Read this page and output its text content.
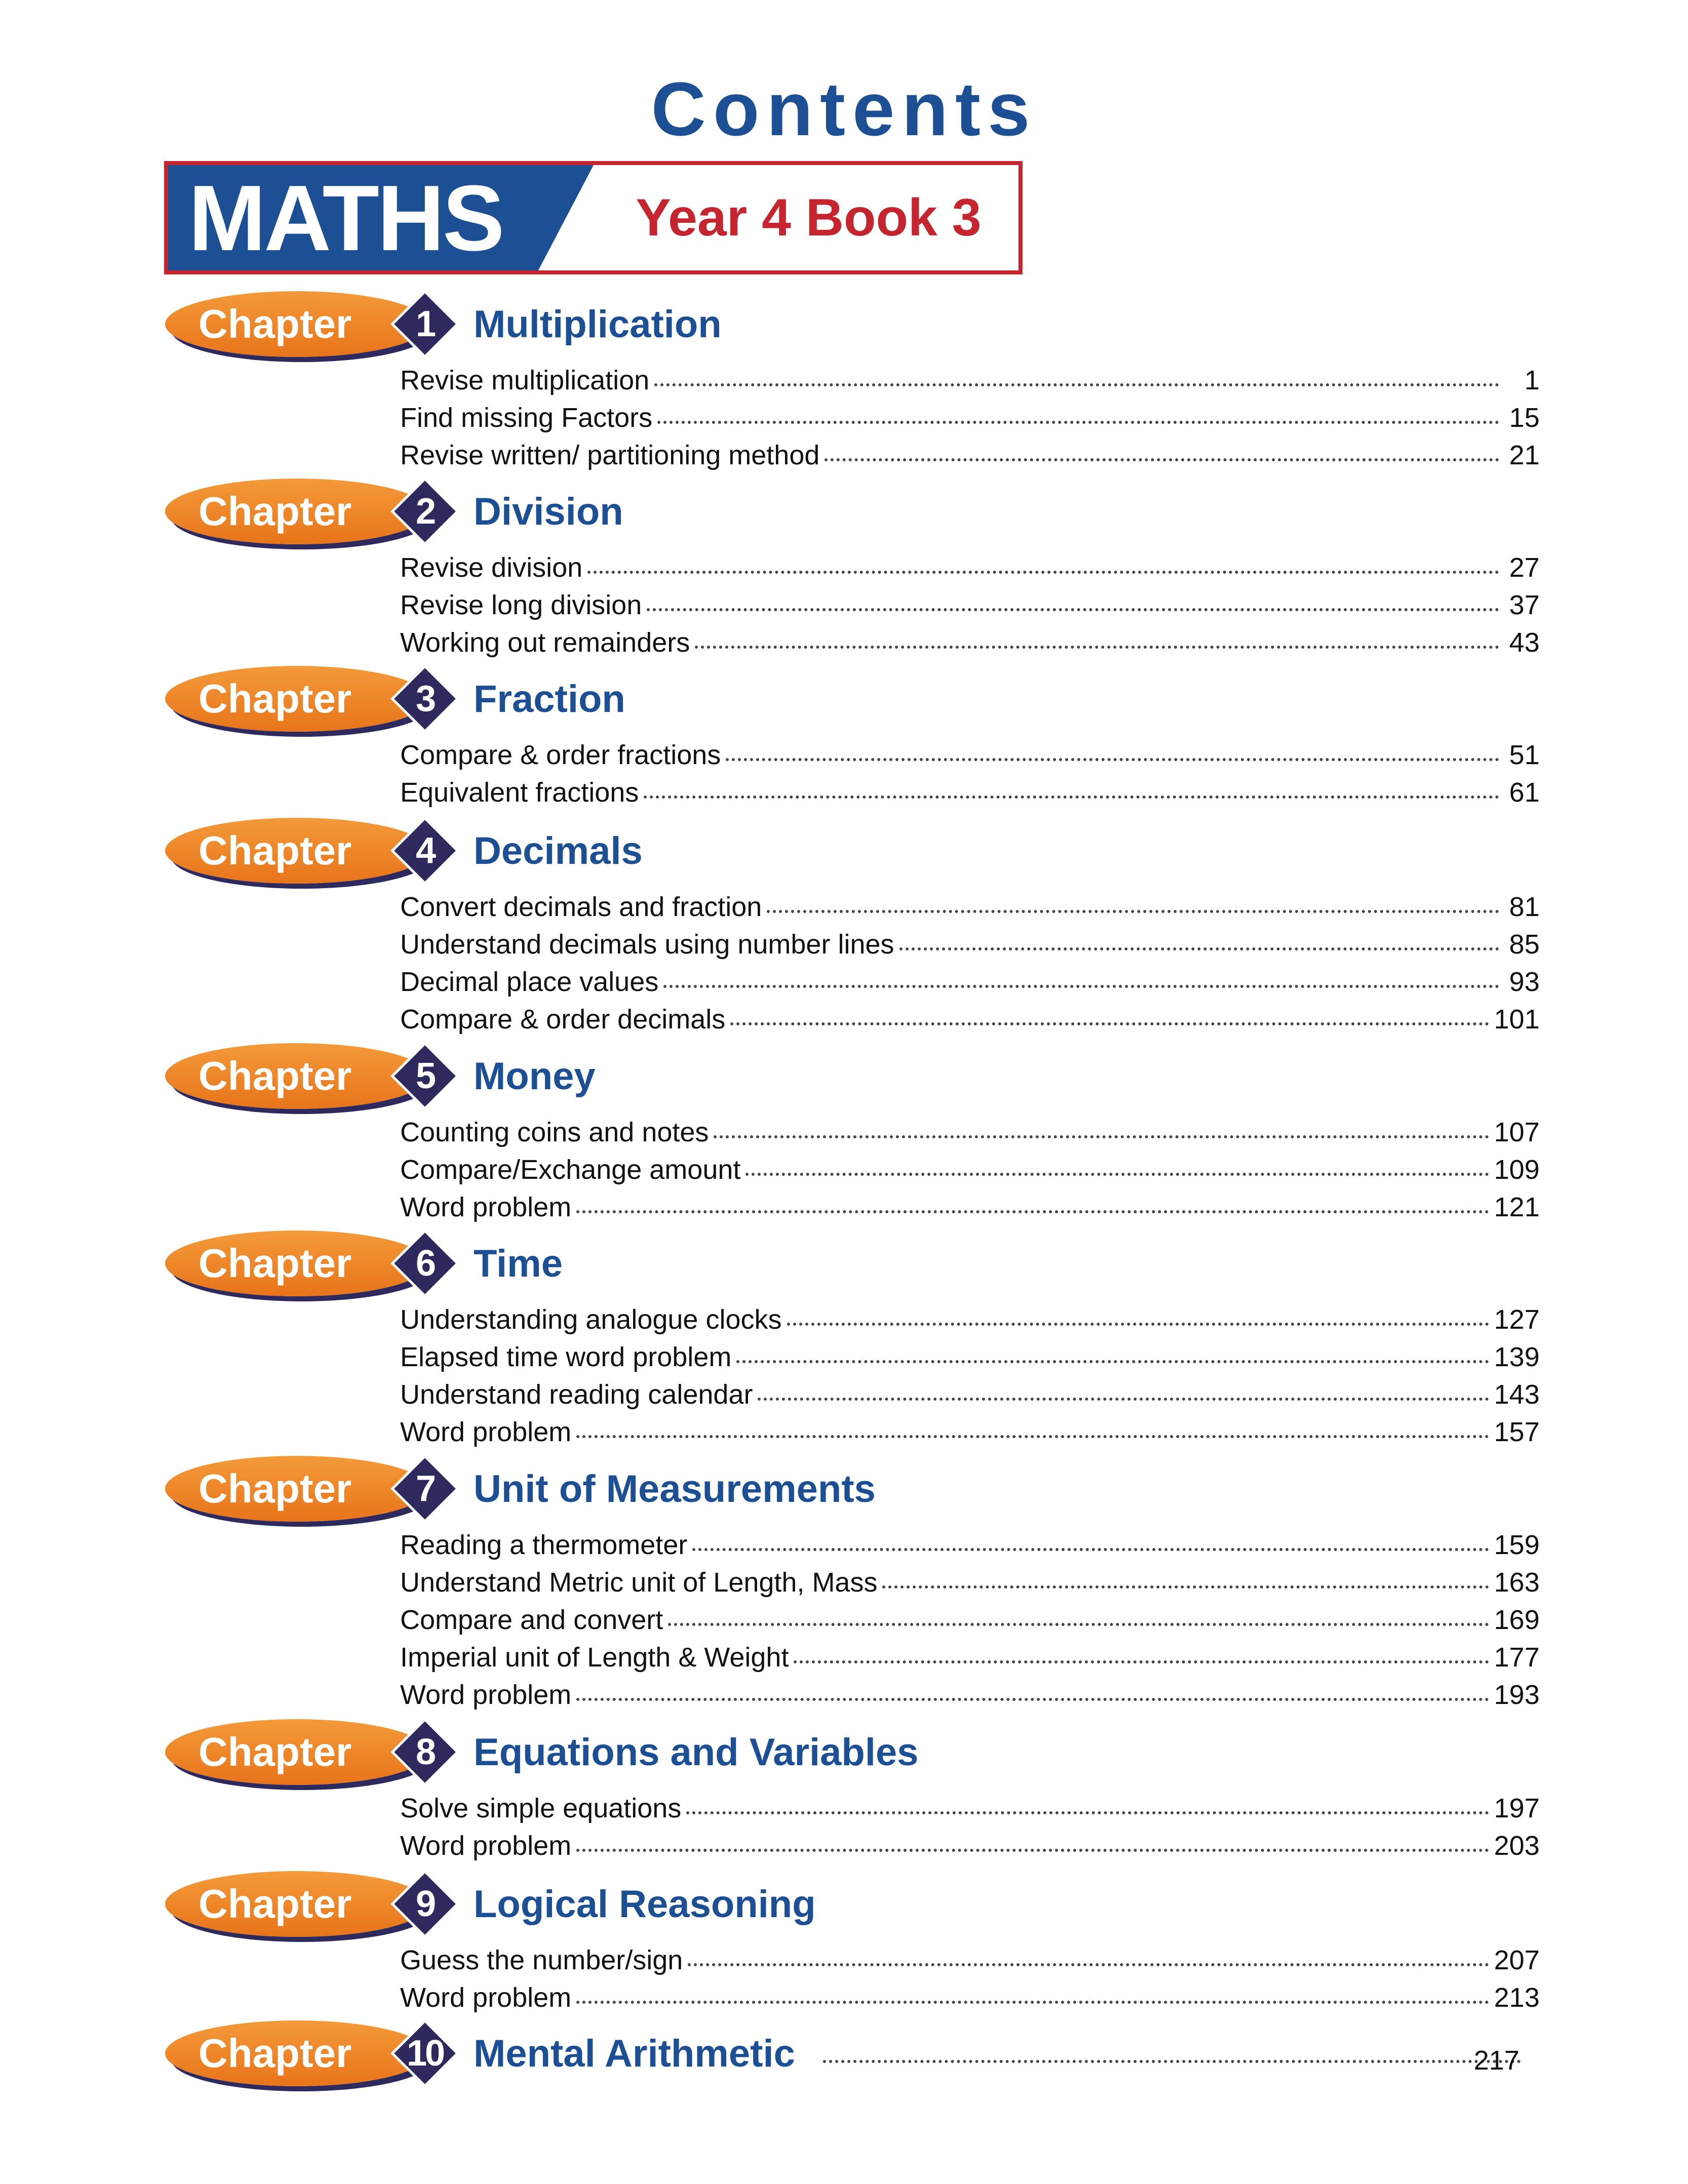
Contents
MATHS	Year 4 Book 3
Chapter	1	Multiplication
Revise multiplication	1
Find missing Factors	15
Revise written/ partitioning method	21
Chapter	2	Division
Revise division	27
Revise long division	37
Working out remainders	43
Chapter	3	Fraction
Compare & order fractions	51
Equivalent fractions	61
Chapter	4	Decimals
Convert decimals and fraction	81
Understand decimals using number lines	85
Decimal place values	93
Compare & order decimals	101
Chapter	5	Money
Counting coins and notes	107
Compare/Exchange amount	109
Word problem	121
Chapter	6	Time
Understanding analogue clocks	127
Elapsed time word problem	139
Understand reading calendar	143
Word problem	157
Chapter	7	Unit of Measurements
Reading a thermometer	159
Understand Metric unit of Length, Mass	163
Compare and convert	169
Imperial unit of Length & Weight	177
Word problem	193
Chapter	8	Equations and Variables
Solve simple equations	197
Word problem	203
Chapter	9	Logical Reasoning
Guess the number/sign	207
Word problem	213
Chapter	10 Mental Arithmetic	217
